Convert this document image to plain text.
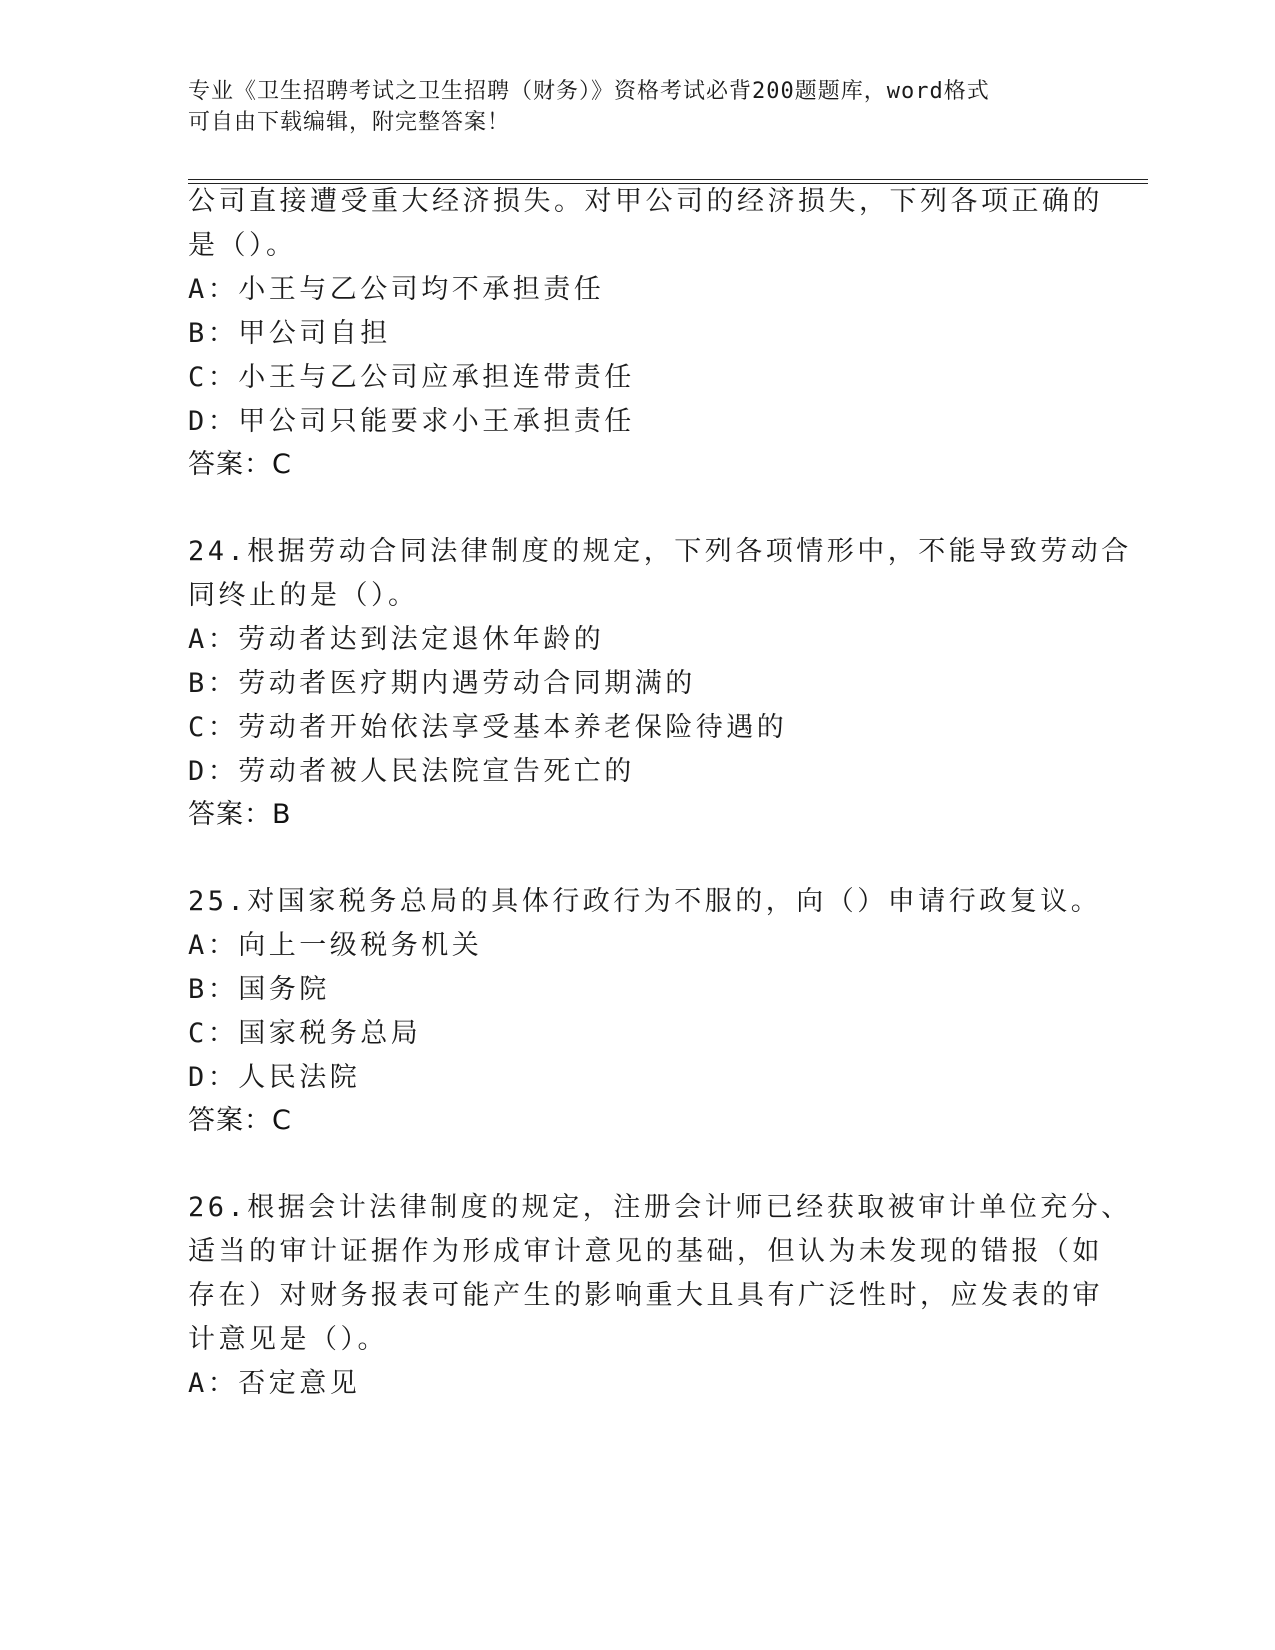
专业《卫生招聘考试之卫生招聘（财务）》资格考试必背200题题库，word格式
可自由下载编辑，附完整答案！
公司直接遭受重大经济损失。对甲公司的经济损失，下列各项正确的
是（）。
A：小王与乙公司均不承担责任
B：甲公司自担
C：小王与乙公司应承担连带责任
D：甲公司只能要求小王承担责任
答案：C
24.根据劳动合同法律制度的规定，下列各项情形中，不能导致劳动合
同终止的是（）。
A：劳动者达到法定退休年龄的
B：劳动者医疗期内遇劳动合同期满的
C：劳动者开始依法享受基本养老保险待遇的
D：劳动者被人民法院宣告死亡的
答案：B
25.对国家税务总局的具体行政行为不服的，向（）申请行政复议。
A：向上一级税务机关
B：国务院
C：国家税务总局
D：人民法院
答案：C
26.根据会计法律制度的规定，注册会计师已经获取被审计单位充分、
适当的审计证据作为形成审计意见的基础，但认为未发现的错报（如
存在）对财务报表可能产生的影响重大且具有广泛性时，应发表的审
计意见是（）。
A：否定意见
